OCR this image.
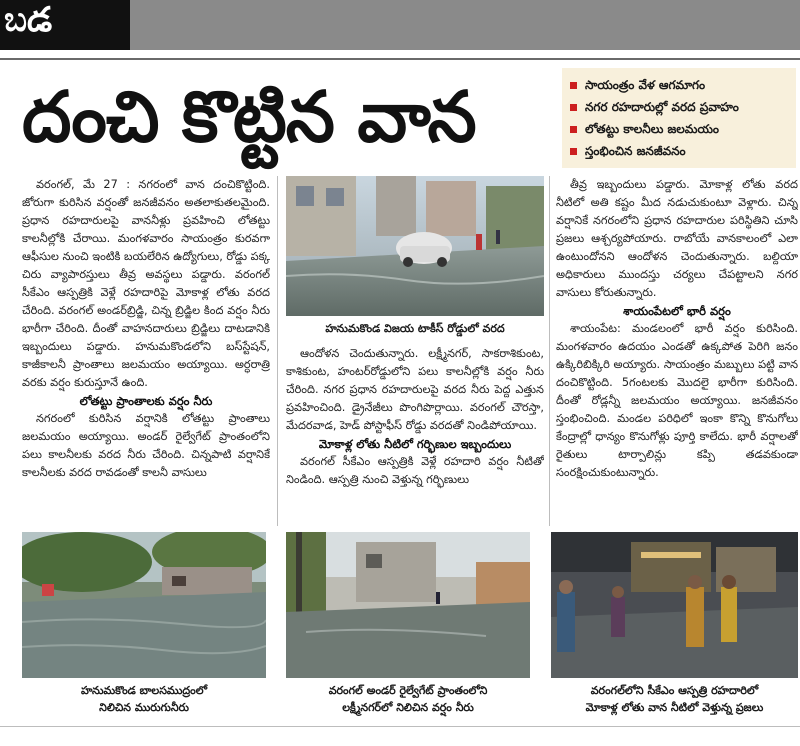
ಬడ
దంచి కొట్టిన వాన	సాయంత్రం వేళ ఆగమాగం
నగర రహదారుల్లో వరద ప్రవాహం
లోతట్టు కాలనీలు జలమయం
స్తంభించిన జనజీవనం

వరంగల్‌, మే 27 : నగరంలో వాన దంచికొట్టింది. జోరుగా కురిసిన వర్షంతో జనజీవనం అతలాకుతలమైంది. ప్రధాన రహదారులపై వాననీళ్లు ప్రవహించి లోతట్టు కాలనీల్లోకి చేరాయి. మంగళవారం సాయంత్రం కురవగా ఆఫీసుల నుంచి ఇంటికి బయలేరిన ఉద్యోగులు, రోడ్డు పక్క చిరు వ్యాపారస్తులు తీవ్ర అవస్థలు పడ్డారు. వరంగల్‌ సీకేఎం ఆస్పత్రికి వెళ్లే రహదారిపై మోకాళ్ల లోతు వరద చేరింది. వరంగల్‌ అండర్‌బ్రిడ్జి, చిన్న బ్రిడ్జిల కింద వర్షం నీరు భారీగా చేరింది. దీంతో వాహనదారులు బ్రిడ్జిలు దాటడానికి ఇబ్బందులు పడ్డారు. హనుమకొండలోని బస్‌స్టేషన్‌, కాజీకాలనీ ప్రాంతాలు జలమయం అయ్యాయి. అర్ధరాత్రి వరకు వర్షం కురుస్తూనే ఉంది.

లోతట్టు ప్రాంతాలకు వర్షం నీరు

నగరంలో కురిసిన వర్షానికి లోతట్టు ప్రాంతాలు జలమయం అయ్యాయి. అండర్‌ రైల్వేగేట్‌ ప్రాంతంలోని పలు కాలనీలకు వరద నీరు చేరింది. చిన్నపాటి వర్షానికే కాలనీలకు వరద రావడంతో కాలనీ వాసులు

హనుమకొండ విజయ టాకీస్‌ రోడ్డులో వరద

ఆందోళన చెందుతున్నారు. లక్ష్మీనగర్‌, సాకరాశికుంట, కాశికుంట, హంటర్‌రోడ్డులోని పలు కాలనీల్లోకి వర్షం నీరు చేరింది. నగర ప్రధాన రహదారులపై వరద నీరు పెద్ద ఎత్తున ప్రవహించింది. డ్రైనేజీలు పొంగిపొర్లాయి. వరంగల్‌ చౌరస్తా, మేదరవాడ, హెడ్‌ పోస్టాఫీస్‌ రోడ్డు వరదతో నిండిపోయాయి.

మోకాళ్ల లోతు నీటిలో గర్భిణుల ఇబ్బందులు

వరంగల్‌ సీకేఎం ఆస్పత్రికి వెళ్లే రహదారి వర్షం నీటితో నిండింది. ఆస్పత్రి నుంచి వెళ్తున్న గర్భిణులు

తీవ్ర ఇబ్బందులు పడ్డారు. మోకాళ్ల లోతు వరద నీటిలో అతి కష్టం మీద నడుచుకుంటూ వెళ్లారు. చిన్న వర్షానికే నగరంలోని ప్రధాన రహదారుల పరిస్థితిని చూసి ప్రజలు ఆశ్చర్యపోయారు. రాబోయే వానకాలంలో ఎలా ఉంటుందోనని ఆందోళన చెందుతున్నారు. బల్దియా అధికారులు ముందస్తు చర్యలు చేపట్టాలని నగర వాసులు కోరుతున్నారు.

శాయంపేటలో భారీ వర్షం

శాయంపేట: మండలంలో భారీ వర్షం కురిసింది. మంగళవారం ఉదయం ఎండతో ఉక్కపోత పెరిగి జనం ఉక్కిరిబిక్కిరి అయ్యారు. సాయంత్రం మబ్బులు పట్టి వాన దంచికొట్టింది. 5గంటలకు మొదలై భారీగా కురిసింది. దీంతో రోడ్లన్నీ జలమయం అయ్యాయి. జనజీవనం స్తంభించింది. మండల పరిధిలో ఇంకా కొన్ని కొనుగోలు కేంద్రాల్లో ధాన్యం కొనుగోళ్లు పూర్తి కాలేదు. భారీ వర్షాలతో రైతులు టార్పాలిన్లు కప్పి తడవకుండా సంరక్షించుకుంటున్నారు.

హనుమకొండ బాలసముద్రంలో
నిలిచిన మురుగునీరు
వరంగల్‌ అండర్‌ రైల్వేగేట్‌ ప్రాంతంలోని
లక్ష్మీనగర్‌లో నిలిచిన వర్షం నీరు
వరంగల్‌లోని సీకేఎం ఆస్పత్రి రహదారిలో
మోకాళ్ల లోతు వాన నీటిలో వెళ్తున్న ప్రజలు
